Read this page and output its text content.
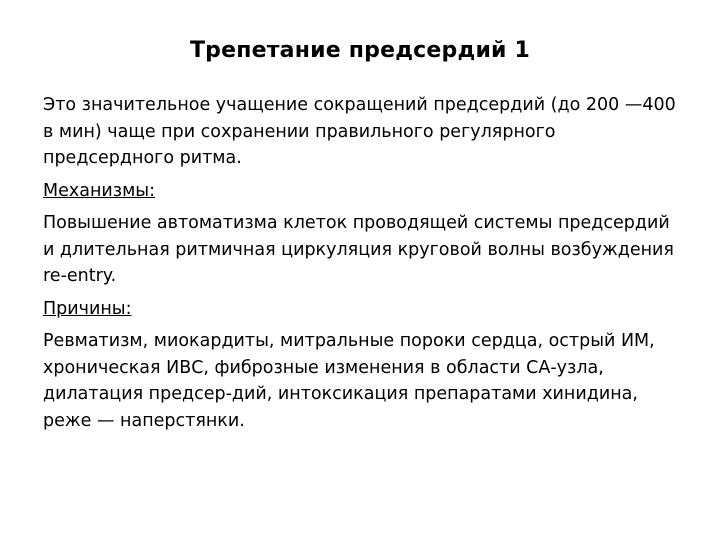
Трепетание предсердий 1

Это значительное учащение сокращений предсердий (до 200 —400 в мин) чаще при сохранении правильного регулярного предсердного ритма.

Механизмы:

Повышение автоматизма клеток проводящей системы предсердий и длительная ритмичная циркуляция круговой волны возбуждения re-entry.

Причины:

Ревматизм, миокардиты, митральные пороки сердца, острый ИМ, хроническая ИВС, фиброзные изменения в области СА-узла, дилатация предсер-дий, интоксикация препаратами хинидина, реже — наперстянки.
